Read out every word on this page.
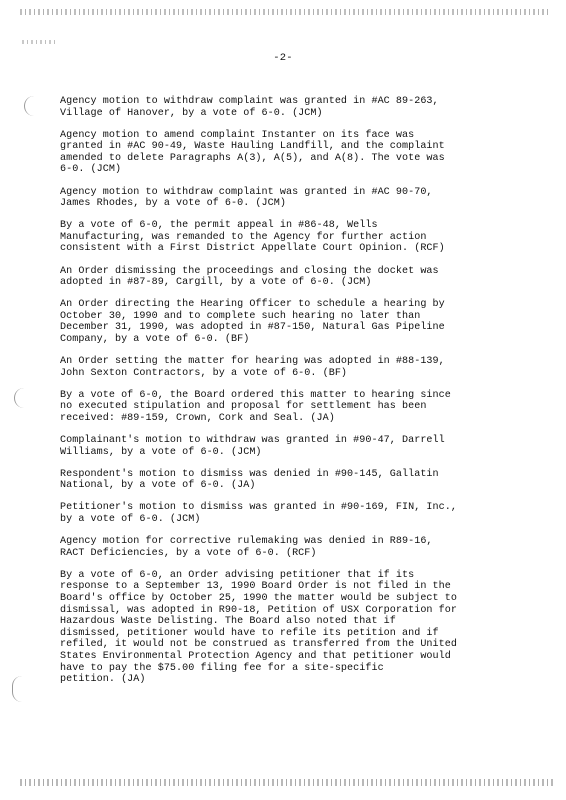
-2-

Agency motion to withdraw complaint was granted in #AC 89-263,
Village of Hanover, by a vote of 6-0. (JCM)

Agency motion to amend complaint Instanter on its face was
granted in #AC 90-49, Waste Hauling Landfill, and the complaint
amended to delete Paragraphs A(3), A(5), and A(8). The vote was
6-0. (JCM)

Agency motion to withdraw complaint was granted in #AC 90-70,
James Rhodes, by a vote of 6-0. (JCM)

By a vote of 6-0, the permit appeal in #86-48, Wells
Manufacturing, was remanded to the Agency for further action
consistent with a First District Appellate Court Opinion. (RCF)

An Order dismissing the proceedings and closing the docket was
adopted in #87-89, Cargill, by a vote of 6-0. (JCM)

An Order directing the Hearing Officer to schedule a hearing by
October 30, 1990 and to complete such hearing no later than
December 31, 1990, was adopted in #87-150, Natural Gas Pipeline
Company, by a vote of 6-0. (BF)

An Order setting the matter for hearing was adopted in #88-139,
John Sexton Contractors, by a vote of 6-0. (BF)

By a vote of 6-0, the Board ordered this matter to hearing since
no executed stipulation and proposal for settlement has been
received: #89-159, Crown, Cork and Seal. (JA)

Complainant's motion to withdraw was granted in #90-47, Darrell
Williams, by a vote of 6-0. (JCM)

Respondent's motion to dismiss was denied in #90-145, Gallatin
National, by a vote of 6-0. (JA)

Petitioner's motion to dismiss was granted in #90-169, FIN, Inc.,
by a vote of 6-0. (JCM)

Agency motion for corrective rulemaking was denied in R89-16,
RACT Deficiencies, by a vote of 6-0. (RCF)

By a vote of 6-0, an Order advising petitioner that if its
response to a September 13, 1990 Board Order is not filed in the
Board's office by October 25, 1990 the matter would be subject to
dismissal, was adopted in R90-18, Petition of USX Corporation for
Hazardous Waste Delisting. The Board also noted that if
dismissed, petitioner would have to refile its petition and if
refiled, it would not be construed as transferred from the United
States Environmental Protection Agency and that petitioner would
have to pay the $75.00 filing fee for a site-specific
petition. (JA)
